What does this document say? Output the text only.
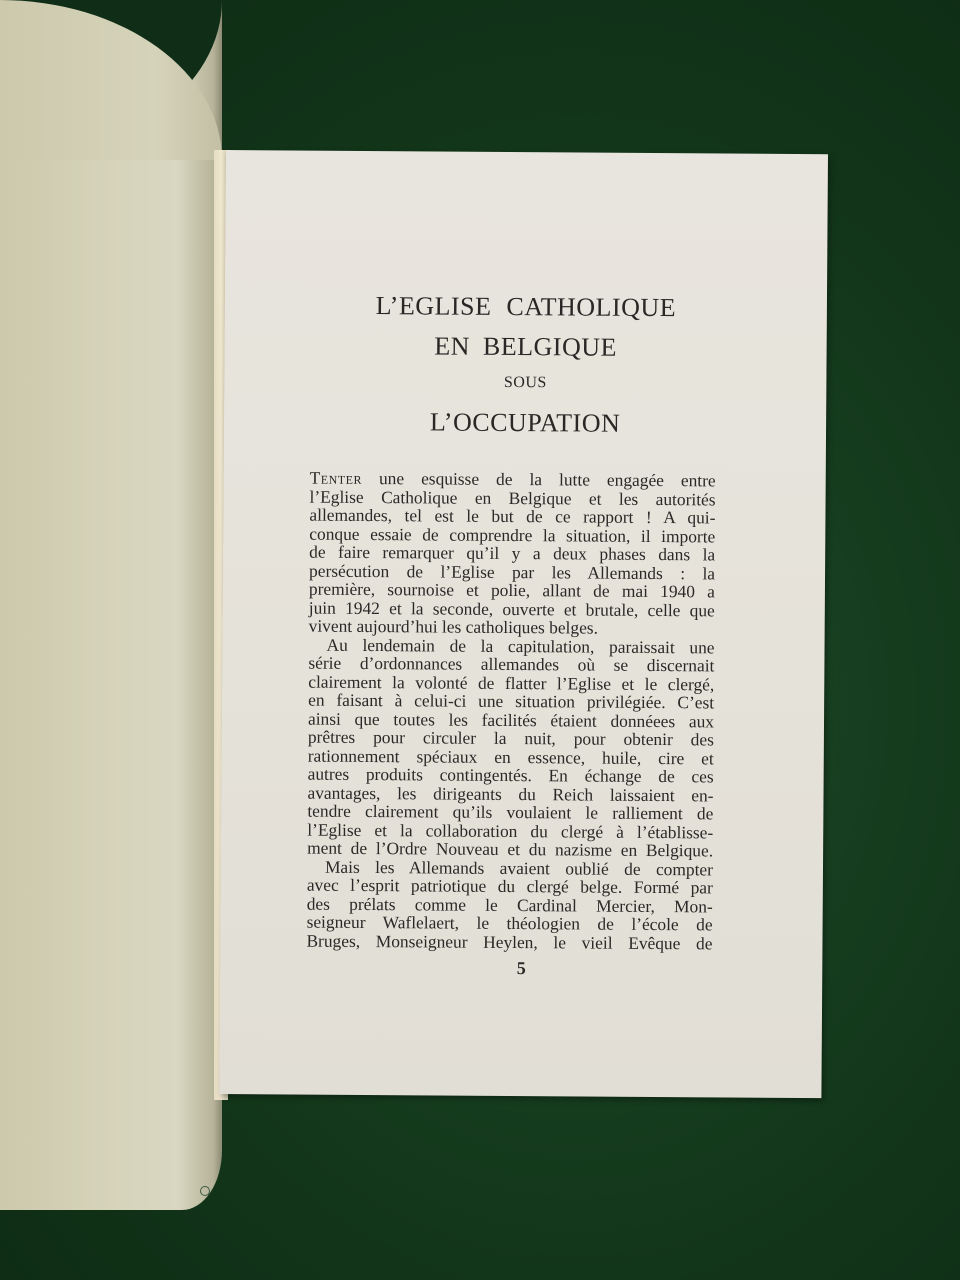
L’EGLISE CATHOLIQUE
EN BELGIQUE
SOUS
L’OCCUPATION
Tenter une esquisse de la lutte engagée entre
l’Eglise Catholique en Belgique et les autorités
allemandes, tel est le but de ce rapport ! A qui-
conque essaie de comprendre la situation, il importe
de faire remarquer qu’il y a deux phases dans la
persécution de l’Eglise par les Allemands : la
première, sournoise et polie, allant de mai 1940 a
juin 1942 et la seconde, ouverte et brutale, celle que
vivent aujourd’hui les catholiques belges.
Au lendemain de la capitulation, paraissait une
série d’ordonnances allemandes où se discernait
clairement la volonté de flatter l’Eglise et le clergé,
en faisant à celui-ci une situation privilégiée. C’est
ainsi que toutes les facilités étaient donnéees aux
prêtres pour circuler la nuit, pour obtenir des
rationnement spéciaux en essence, huile, cire et
autres produits contingentés. En échange de ces
avantages, les dirigeants du Reich laissaient en-
tendre clairement qu’ils voulaient le ralliement de
l’Eglise et la collaboration du clergé à l’établisse-
ment de l’Ordre Nouveau et du nazisme en Belgique.
Mais les Allemands avaient oublié de compter
avec l’esprit patriotique du clergé belge. Formé par
des prélats comme le Cardinal Mercier, Mon-
seigneur Waflelaert, le théologien de l’école de
Bruges, Monseigneur Heylen, le vieil Evêque de
5
